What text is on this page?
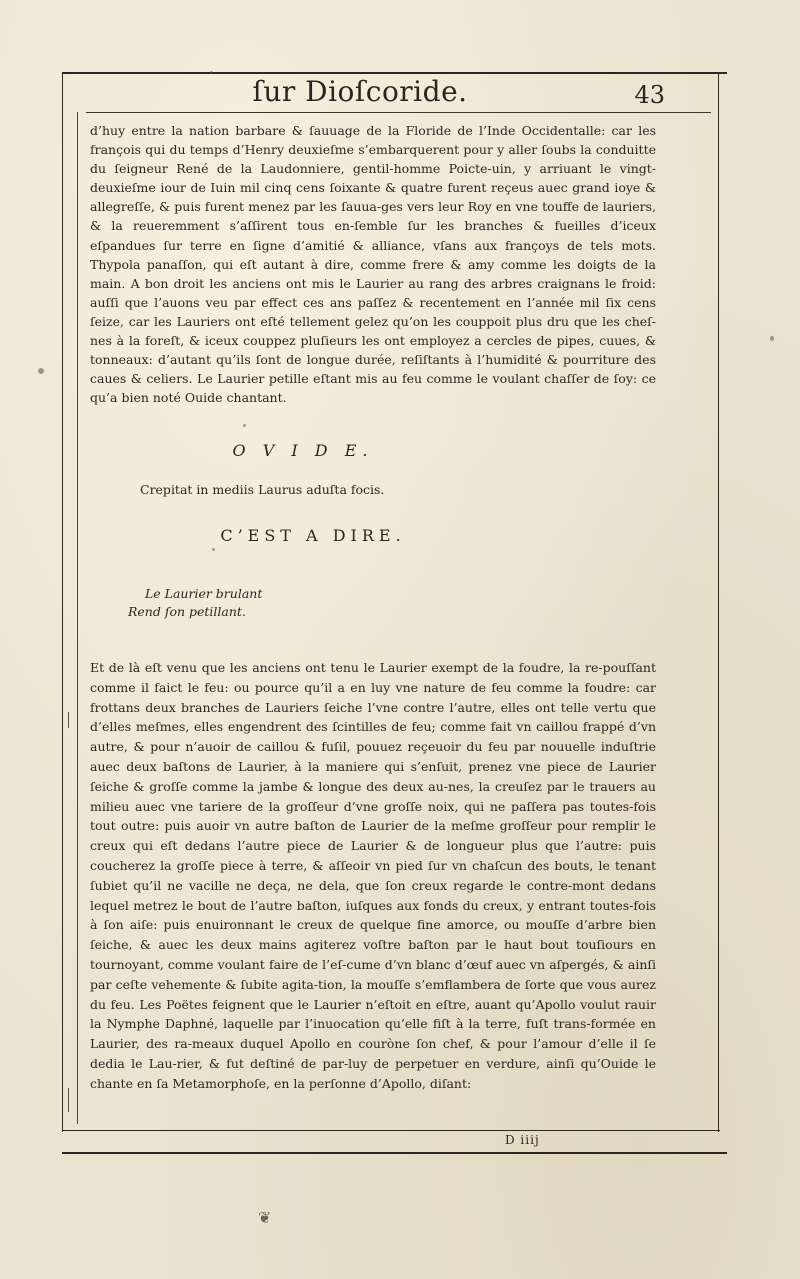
ſur Dioſcoride.	43
d’huy entre la nation barbare & ſauuage de la Floride de l’Inde Occidentalle: car les françois qui du temps d’Henry deuxieſme s’embarquerent pour y aller ſoubs la conduitte du ſeigneur René de la Laudonniere, gentil-homme Poicte-uin, y arriuant le vingt-deuxieſme iour de Iuin mil cinq cens ſoixante & quatre furent reçeus auec grand ioye & allegreſſe, & puis furent menez par les ſauua-ges vers leur Roy en vne touffe de lauriers, & la reueremment s’aſſirent tous en-ſemble ſur les branches & fueilles d’iceux eſpandues ſur terre en ſigne d’amitié & alliance, vſans aux françoys de tels mots. Thypola panaſſon, qui eſt autant à dire, comme frere & amy comme les doigts de la main. A bon droit les anciens ont mis le Laurier au rang des arbres craignans le froid: auſſi que l’auons veu par effect ces ans paſſez & recentement en l’année mil ſix cens ſeize, car les Lauriers ont eſté tellement gelez qu’on les couppoit plus dru que les cheſ-nes à la foreſt, & iceux couppez pluſieurs les ont employez a cercles de pipes, cuues, & tonneaux: d’autant qu’ils ſont de longue durée, reſiſtants à l’humidité & pourriture des caues & celiers. Le Laurier petille eſtant mis au feu comme le voulant chaſſer de ſoy: ce qu’a bien noté Ouide chantant.
O V I D E.
Crepitat in mediis Laurus aduſta focis.
C’EST A DIRE.
Le Laurier brulant
Rend ſon petillant.
Et de là eſt venu que les anciens ont tenu le Laurier exempt de la foudre, la re-pouſſant comme il faict le feu: ou pource qu’il a en luy vne nature de feu comme la foudre: car frottans deux branches de Lauriers ſeiche l’vne contre l’autre, elles ont telle vertu que d’elles meſmes, elles engendrent des ſcintilles de feu; comme fait vn caillou frappé d’vn autre, & pour n’auoir de caillou & fuſil, pouuez reçeuoir du feu par nouuelle induſtrie auec deux baſtons de Laurier, à la maniere qui s’enſuit, prenez vne piece de Laurier ſeiche & groſſe comme la jambe & longue des deux au-nes, la creuſez par le trauers au milieu auec vne tariere de la groſſeur d’vne groſſe noix, qui ne paſſera pas toutes-fois tout outre: puis auoir vn autre baſton de Laurier de la meſme groſſeur pour remplir le creux qui eſt dedans l’autre piece de Laurier & de longueur plus que l’autre: puis coucherez la groſſe piece à terre, & aſſeoir vn pied ſur vn chaſcun des bouts, le tenant ſubiet qu’il ne vacille ne deça, ne dela, que ſon creux regarde le contre-mont dedans lequel metrez le bout de l’autre baſton, iuſques aux fonds du creux, y entrant toutes-fois à ſon aiſe: puis enuironnant le creux de quelque fine amorce, ou mouſſe d’arbre bien ſeiche, & auec les deux mains agiterez voſtre baſton par le haut bout touſiours en tournoyant, comme voulant faire de l’eſ-cume d’vn blanc d’œuf auec vn aſpergés, & ainſi par ceſte vehemente & ſubite agita-tion, la mouſſe s’emflambera de ſorte que vous aurez du feu. Les Poëtes feignent que le Laurier n’eſtoit en eſtre, auant qu’Apollo voulut rauir la Nymphe Daphné, laquelle par l’inuocation qu’elle fiſt à la terre, fuſt trans-formée en Laurier, des ra-meaux duquel Apollo en couròne ſon chef, & pour l’amour d’elle il ſe dedia le Lau-rier, & fut deſtiné de par-luy de perpetuer en verdure, ainſi qu’Ouide le chante en ſa Metamorphoſe, en la perſonne d’Apollo, diſant:
D iiij
❦
